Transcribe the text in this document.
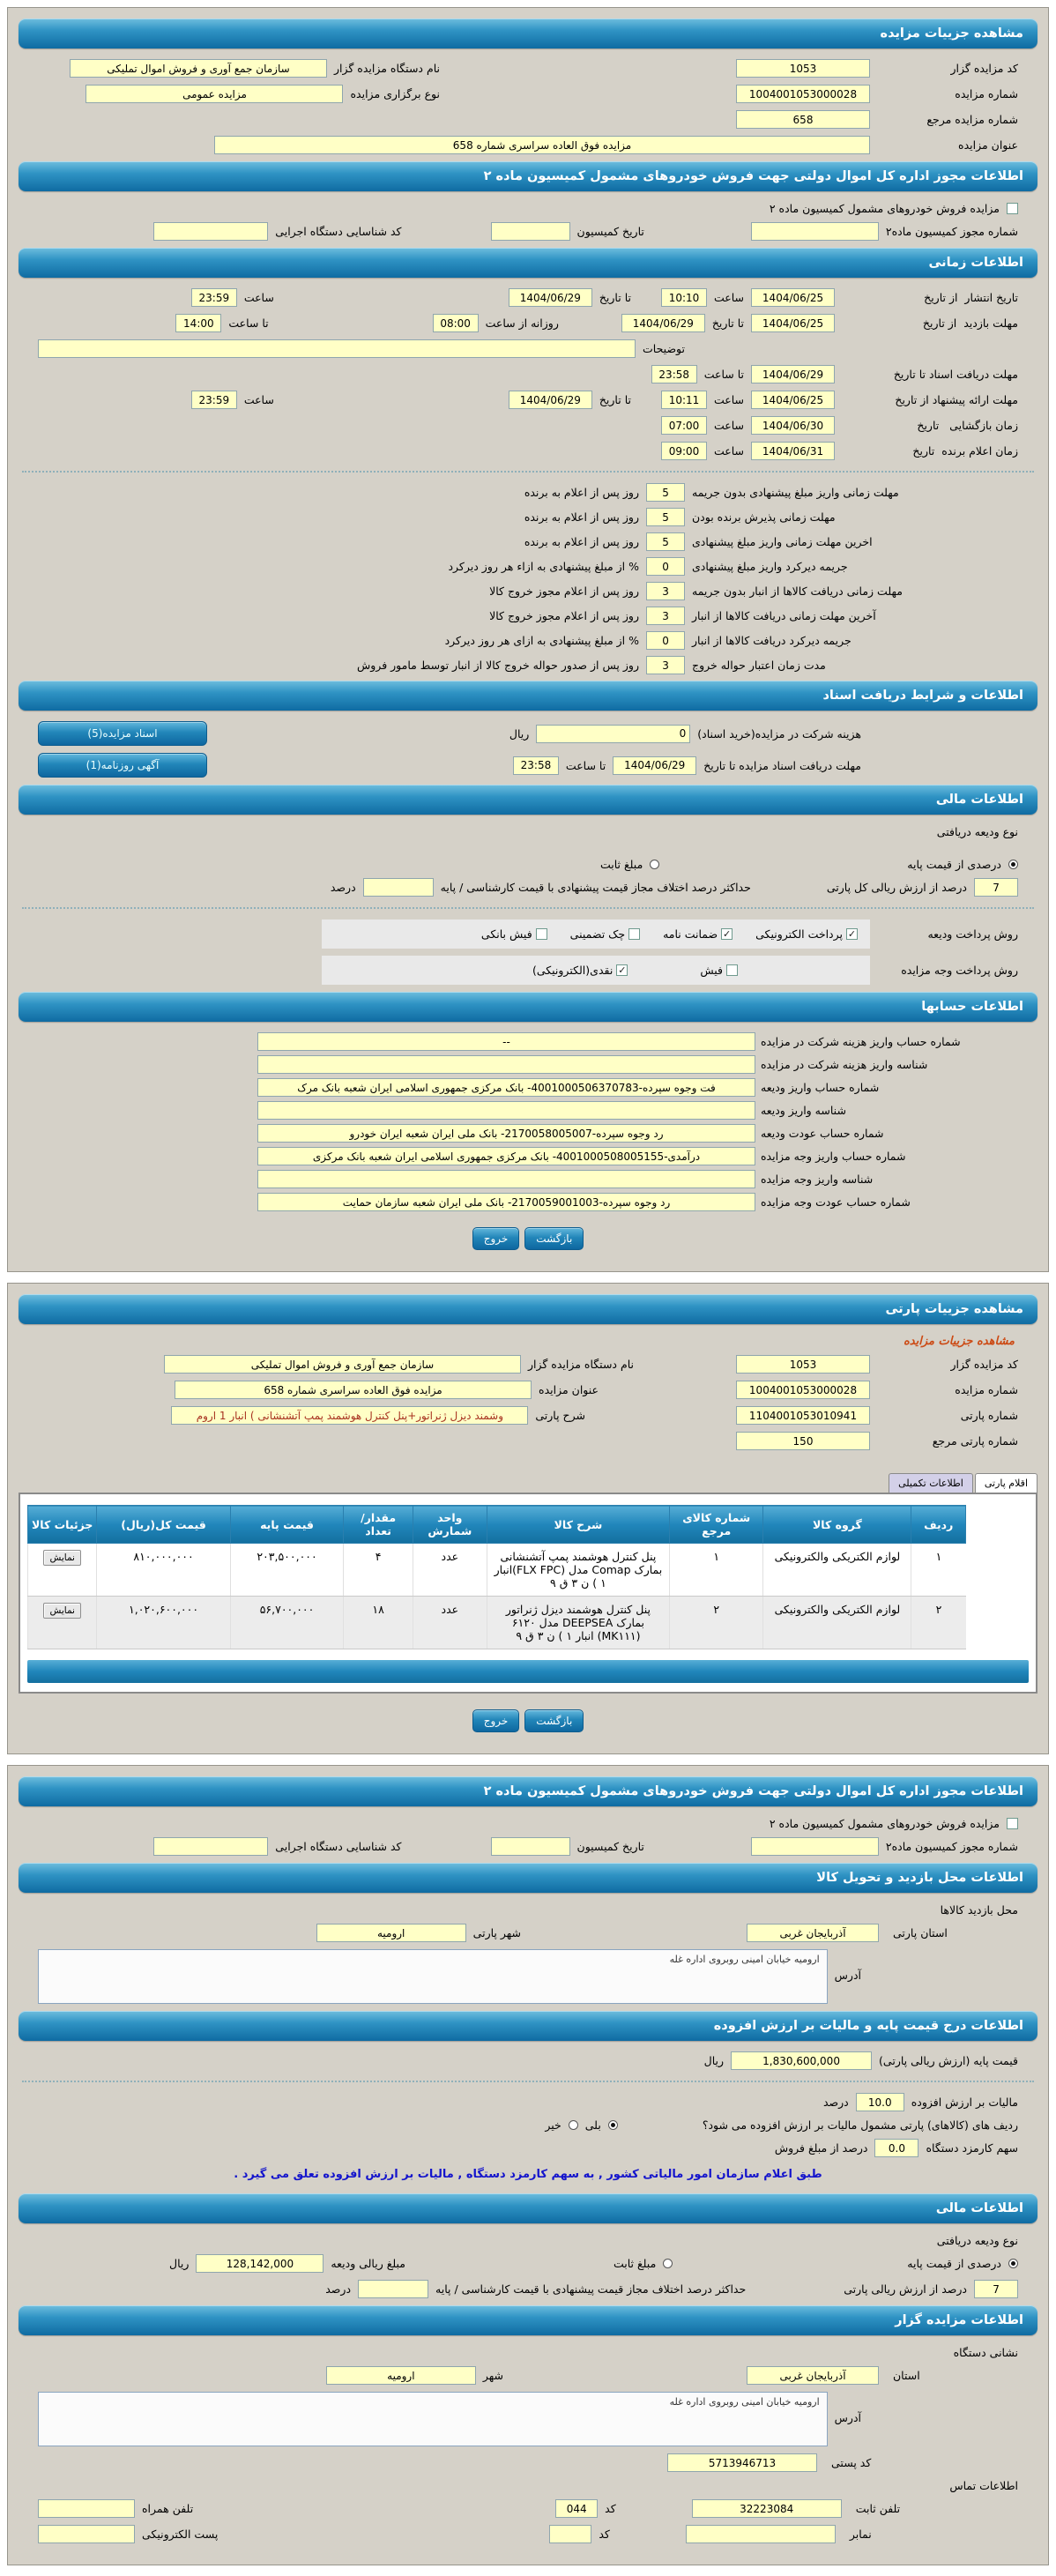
مشاهده جزییات مزایده
کد مزایده گزار
1053
نام دستگاه مزایده گزار
سازمان جمع آوری و فروش اموال تملیکی
شماره مزایده
1004001053000028
نوع برگزاری مزایده
مزایده عمومی
شماره مزایده مرجع
658
عنوان مزایده
مزایده فوق العاده سراسری شماره 658
اطلاعات مجوز اداره کل اموال دولتی جهت فروش خودروهای مشمول کمیسیون ماده ۲
مزایده فروش خودروهای مشمول کمیسیون ماده ۲
شماره مجوز کمیسیون ماده۲
تاریخ کمیسیون
کد شناسایی دستگاه اجرایی
اطلاعات زمانی
تاریخ انتشار  از تاریخ
1404/06/25
ساعت
10:10
تا تاریخ
1404/06/29
ساعت
23:59
مهلت بازدید  از تاریخ
1404/06/25
تا تاریخ
1404/06/29
روزانه از ساعت
08:00
تا ساعت
14:00
توضیحات
مهلت دریافت اسناد تا تاریخ
1404/06/29
تا ساعت
23:58
مهلت ارائه پیشنهاد از تاریخ
1404/06/25
ساعت
10:11
تا تاریخ
1404/06/29
ساعت
23:59
زمان بازگشایی   تاریخ
1404/06/30
ساعت
07:00
زمان اعلام برنده  تاریخ
1404/06/31
ساعت
09:00
مهلت زمانی واریز مبلغ پیشنهادی بدون جریمه
5
روز پس از اعلام به برنده
مهلت زمانی پذیرش برنده بودن
5
روز پس از اعلام به برنده
اخرین مهلت زمانی واریز مبلغ پیشنهادی
5
روز پس از اعلام به برنده
جریمه دیرکرد واریز مبلغ پیشنهادی
0
% از مبلغ پیشنهادی به ازاء هر روز دیرکرد
مهلت زمانی دریافت کالاها از انبار بدون جریمه
3
روز پس از اعلام مجوز خروج کالا
آخرین مهلت زمانی دریافت کالاها از انبار
3
روز پس از اعلام مجوز خروج کالا
جریمه دیرکرد دریافت کالاها از انبار
0
% از مبلغ پیشنهادی به ازای هر روز دیرکرد
مدت زمان اعتبار حواله خروج
3
روز پس از صدور حواله خروج کالا از انبار توسط مامور فروش
اطلاعات و شرایط دریافت اسناد
هزینه شرکت در مزایده(خرید اسناد)
0
ریال
اسناد مزایده(5)
مهلت دریافت اسناد مزایده تا تاریخ
1404/06/29
تا ساعت
23:58
آگهی روزنامه(1)
اطلاعات مالی
نوع ودیعه دریافتی
درصدی از قیمت پایه
مبلغ ثابت
7
درصد از ارزش ریالی کل پارتی
حداکثر درصد اختلاف مجاز قیمت پیشنهادی با قیمت کارشناسی / پایه
درصد
روش پرداخت ودیعه
✓
پرداخت الکترونیکی
✓
ضمانت نامه
چک تضمینی
فیش بانکی
روش پرداخت وجه مزایده
فیش
✓
نقدی(الکترونیکی)
اطلاعات حسابها
شماره حساب واریز هزینه شرکت در مزایده
--
شناسه واریز هزینه شرکت در مزایده
شماره حساب واریز ودیعه
فت وجوه سپرده-4001000506370783- بانک مرکزی جمهوری اسلامی ایران شعبه بانک مرک
شناسه واریز ودیعه
شماره حساب عودت ودیعه
رد وجوه سپرده-2170058005007- بانک ملی ایران شعبه ایران خودرو
شماره حساب واریز وجه مزایده
درآمدی-4001000508005155- بانک مرکزی جمهوری اسلامی ایران شعبه بانک مرکزی
شناسه واریز وجه مزایده
شماره حساب عودت وجه مزایده
رد وجوه سپرده-2170059001003- بانک ملی ایران شعبه سازمان حمایت
بازگشت
خروج
مشاهده جزییات پارتی
مشاهده جزییات مزایده
کد مزایده گزار
1053
نام دستگاه مزایده گزار
سازمان جمع آوری و فروش اموال تملیکی
شماره مزایده
1004001053000028
عنوان مزایده
مزایده فوق العاده سراسری شماره 658
شماره پارتی
1104001053010941
شرح پارتی
وشمند دیزل ژنراتور+پنل کنترل هوشمند پمپ آتشنشانی ) انبار 1 اروم
شماره پارتی مرجع
150
اقلام پارتی
اطلاعات تکمیلی
ردیف	گروه کالا	شماره کالای مرجع	شرح کالا	واحد شمارش	مقدار/ تعداد	قیمت پایه	قیمت کل(ریال)	جزئیات کالا
۱	لوازم الکتریکی والکترونیکی	۱	پنل کنترل هوشمند پمپ آتشنشانی بمارک Comap مدل (FLX FPC)انبار ۱ ) ن ۳ ق ۹	عدد	۴	۲۰۳,۵۰۰,۰۰۰	۸۱۰,۰۰۰,۰۰۰	نمایش
۲	لوازم الکتریکی والکترونیکی	۲	پنل کنترل هوشمند دیزل ژنراتور بمارک DEEPSEA مدل ۶۱۲۰ (MK۱۱۱) انبار ۱ ) ن ۳ ق ۹	عدد	۱۸	۵۶,۷۰۰,۰۰۰	۱,۰۲۰,۶۰۰,۰۰۰	نمایش
بازگشت
خروج
اطلاعات مجوز اداره کل اموال دولتی جهت فروش خودروهای مشمول کمیسیون ماده ۲
مزایده فروش خودروهای مشمول کمیسیون ماده ۲
شماره مجوز کمیسیون ماده۲
تاریخ کمیسیون
کد شناسایی دستگاه اجرایی
اطلاعات محل بازدید و تحویل کالا
محل بازدید کالاها
استان پارتی
آذربایجان غربی
شهر پارتی
ارومیه
آدرس
ارومیه خیابان امینی روبروی اداره غله
اطلاعات درج قیمت پایه و مالیات بر ارزش افزوده
قیمت پایه (ارزش ریالی پارتی)
1,830,600,000
ریال
مالیات بر ارزش افزوده
10.0
درصد
ردیف های (کالاهای) پارتی مشمول مالیات بر ارزش افزوده می شود؟
بلی
خیر
سهم کارمزد دستگاه
0.0
درصد از مبلغ فروش
طبق اعلام سازمان امور مالیاتی کشور , به سهم کارمزد دستگاه , مالیات بر ارزش افزوده تعلق می گیرد .
اطلاعات مالی
نوع ودیعه دریافتی
درصدی از قیمت پایه
مبلغ ثابت
مبلغ ریالی ودیعه
128,142,000
ریال
7
درصد از ارزش ریالی پارتی
حداکثر درصد اختلاف مجاز قیمت پیشنهادی با قیمت کارشناسی / پایه
درصد
اطلاعات مزایده گزار
نشانی دستگاه
استان
آذربایجان غربی
شهر
ارومیه
آدرس
ارومیه خیابان امینی روبروی اداره غله
کد پستی
5713946713
اطلاعات تماس
تلفن ثابت
32223084
کد
044
تلفن همراه
نمابر
کد
پست الکترونیکی
